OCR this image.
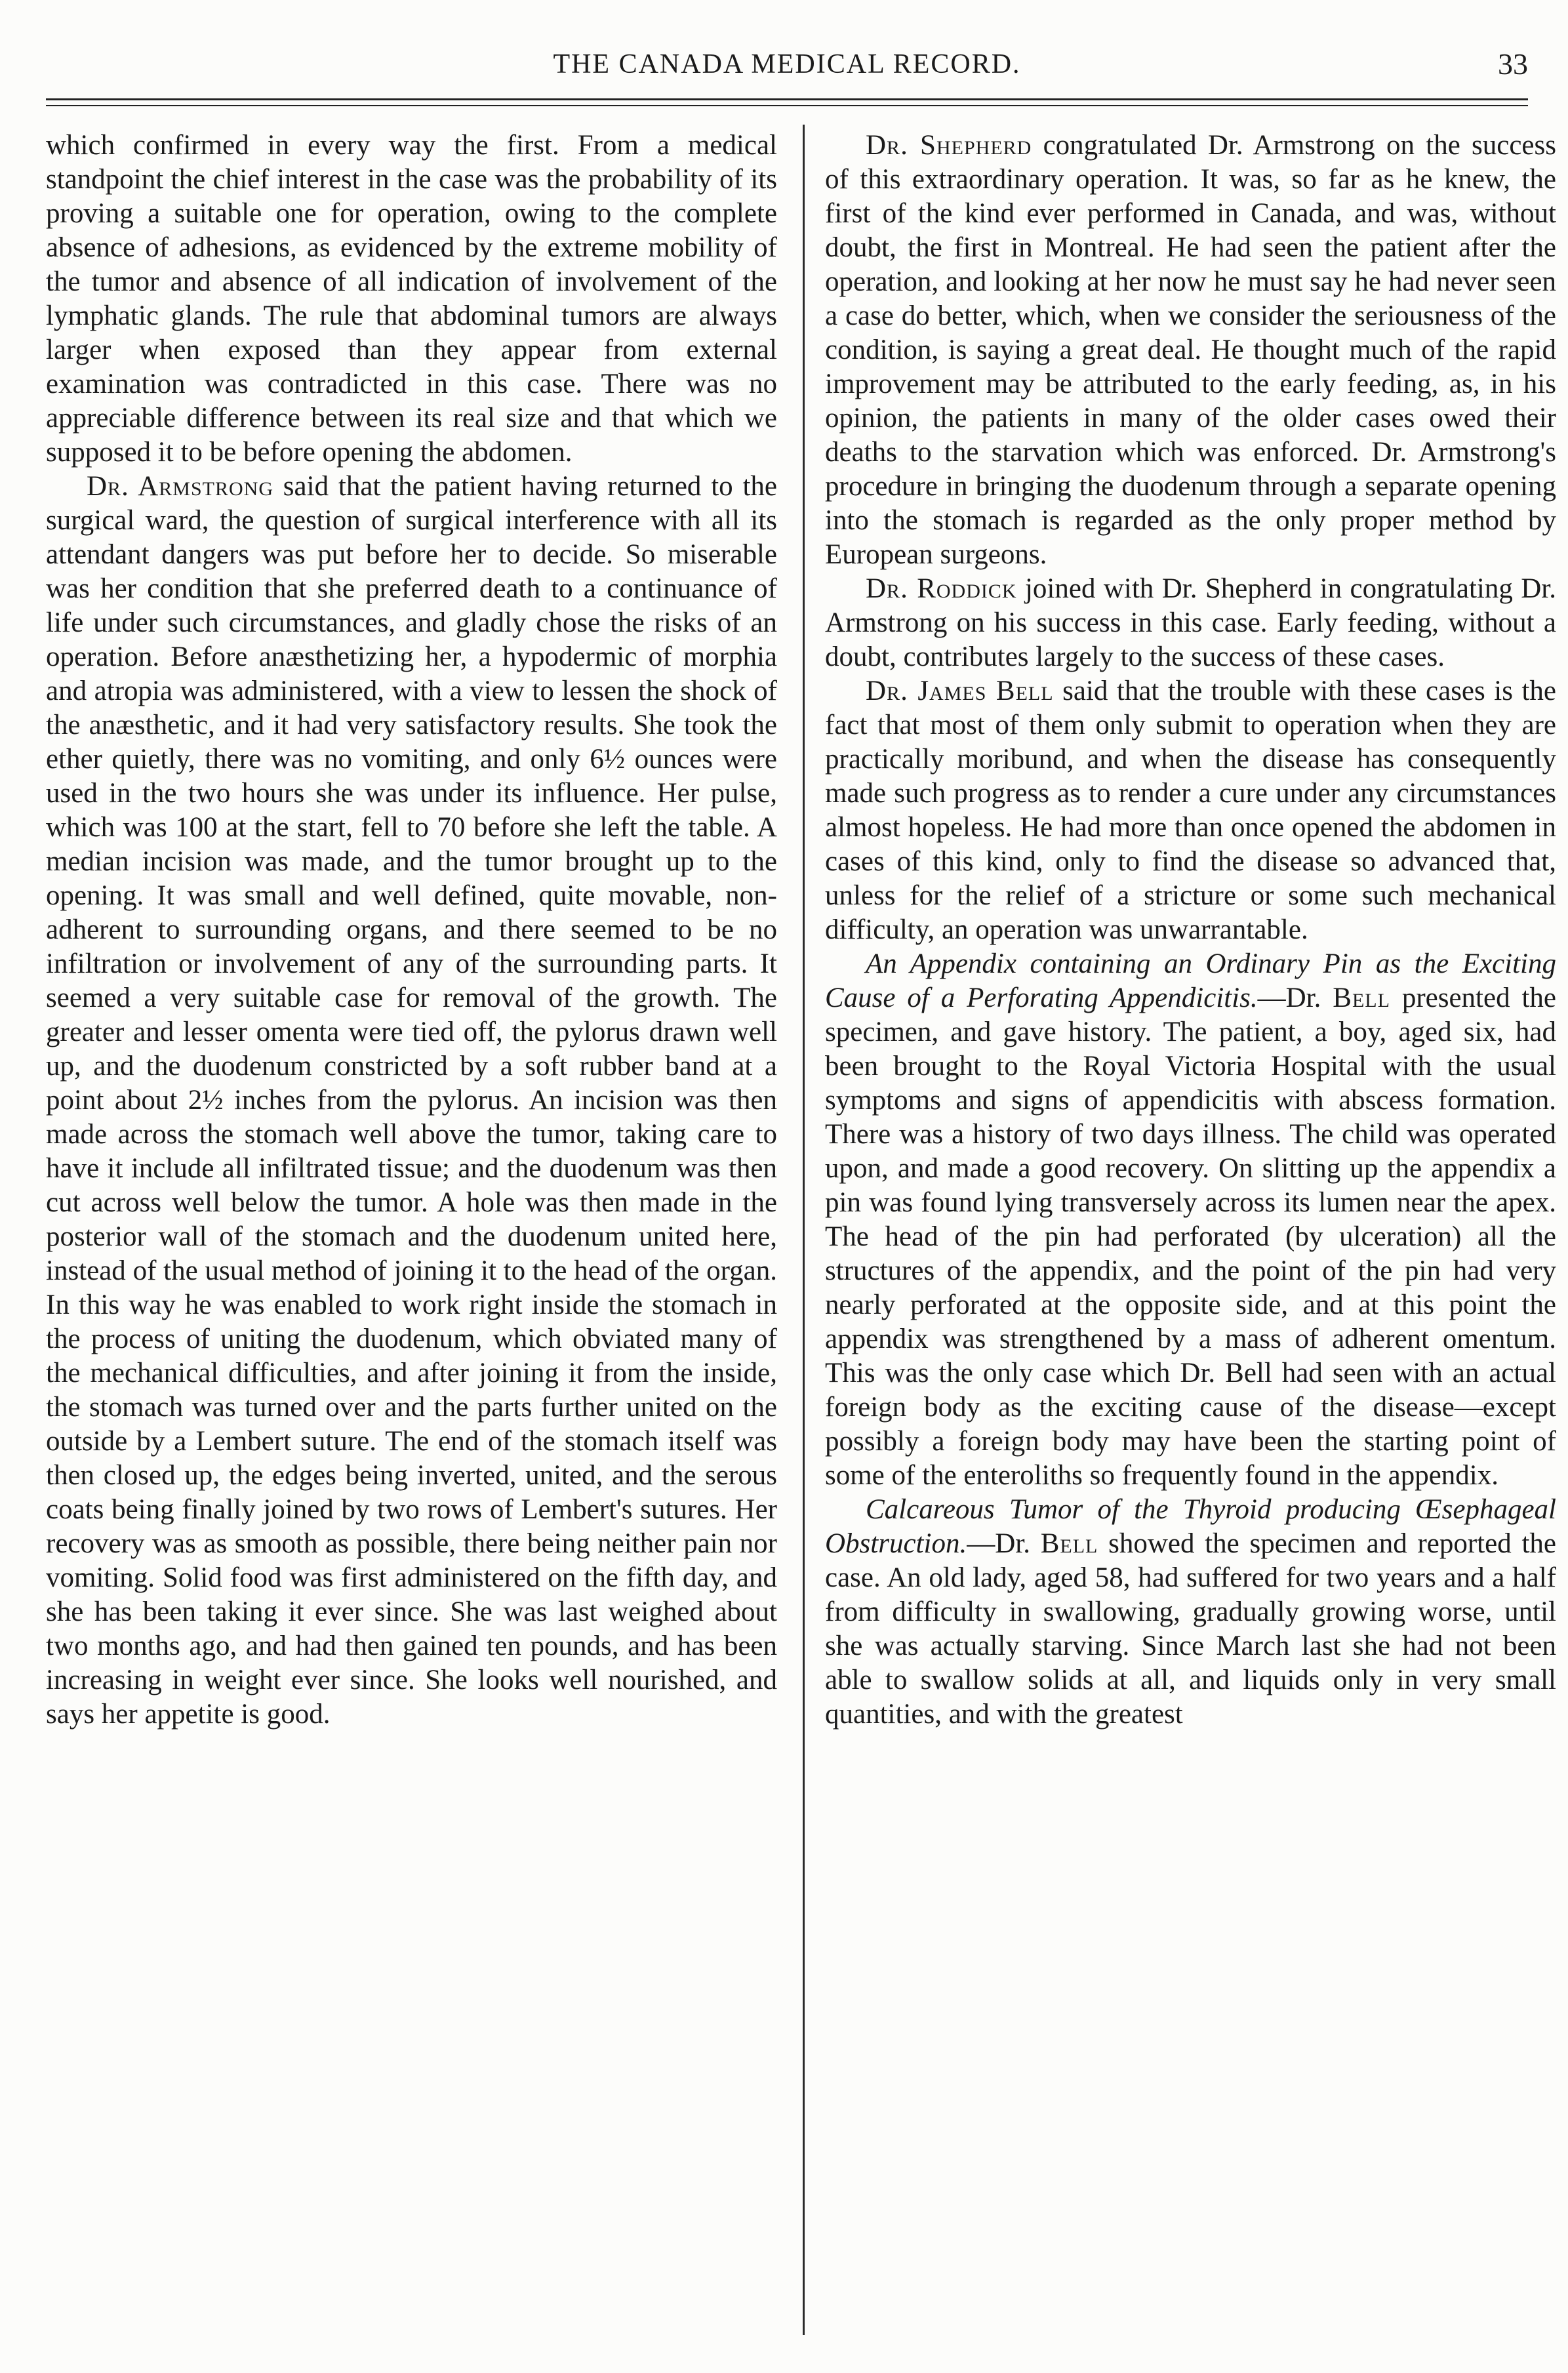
THE CANADA MEDICAL RECORD.	33

which confirmed in every way the first. From a medical standpoint the chief interest in the case was the probability of its proving a suitable one for operation, owing to the complete absence of adhesions, as evidenced by the extreme mobility of the tumor and absence of all indication of involvement of the lymphatic glands. The rule that abdominal tumors are always larger when exposed than they appear from external examination was contradicted in this case. There was no appreciable difference between its real size and that which we supposed it to be before opening the abdomen.

Dr. Armstrong said that the patient having returned to the surgical ward, the question of surgical interference with all its attendant dangers was put before her to decide. So miserable was her condition that she preferred death to a continuance of life under such circumstances, and gladly chose the risks of an operation. Before anæsthetizing her, a hypodermic of morphia and atropia was administered, with a view to lessen the shock of the anæsthetic, and it had very satisfactory results. She took the ether quietly, there was no vomiting, and only 6½ ounces were used in the two hours she was under its influence. Her pulse, which was 100 at the start, fell to 70 before she left the table. A median incision was made, and the tumor brought up to the opening. It was small and well defined, quite movable, non-adherent to surrounding organs, and there seemed to be no infiltration or involvement of any of the surrounding parts. It seemed a very suitable case for removal of the growth. The greater and lesser omenta were tied off, the pylorus drawn well up, and the duodenum constricted by a soft rubber band at a point about 2½ inches from the pylorus. An incision was then made across the stomach well above the tumor, taking care to have it include all infiltrated tissue; and the duodenum was then cut across well below the tumor. A hole was then made in the posterior wall of the stomach and the duodenum united here, instead of the usual method of joining it to the head of the organ. In this way he was enabled to work right inside the stomach in the process of uniting the duodenum, which obviated many of the mechanical difficulties, and after joining it from the inside, the stomach was turned over and the parts further united on the outside by a Lembert suture. The end of the stomach itself was then closed up, the edges being inverted, united, and the serous coats being finally joined by two rows of Lembert's sutures. Her recovery was as smooth as possible, there being neither pain nor vomiting. Solid food was first administered on the fifth day, and she has been taking it ever since. She was last weighed about two months ago, and had then gained ten pounds, and has been increasing in weight ever since. She looks well nourished, and says her appetite is good.

Dr. Shepherd congratulated Dr. Armstrong on the success of this extraordinary operation. It was, so far as he knew, the first of the kind ever performed in Canada, and was, without doubt, the first in Montreal. He had seen the patient after the operation, and looking at her now he must say he had never seen a case do better, which, when we consider the seriousness of the condition, is saying a great deal. He thought much of the rapid improvement may be attributed to the early feeding, as, in his opinion, the patients in many of the older cases owed their deaths to the starvation which was enforced. Dr. Armstrong's procedure in bringing the duodenum through a separate opening into the stomach is regarded as the only proper method by European surgeons.

Dr. Roddick joined with Dr. Shepherd in congratulating Dr. Armstrong on his success in this case. Early feeding, without a doubt, contributes largely to the success of these cases.

Dr. James Bell said that the trouble with these cases is the fact that most of them only submit to operation when they are practically moribund, and when the disease has consequently made such progress as to render a cure under any circumstances almost hopeless. He had more than once opened the abdomen in cases of this kind, only to find the disease so advanced that, unless for the relief of a stricture or some such mechanical difficulty, an operation was unwarrantable.

An Appendix containing an Ordinary Pin as the Exciting Cause of a Perforating Appendicitis.—Dr. Bell presented the specimen, and gave history. The patient, a boy, aged six, had been brought to the Royal Victoria Hospital with the usual symptoms and signs of appendicitis with abscess formation. There was a history of two days illness. The child was operated upon, and made a good recovery. On slitting up the appendix a pin was found lying transversely across its lumen near the apex. The head of the pin had perforated (by ulceration) all the structures of the appendix, and the point of the pin had very nearly perforated at the opposite side, and at this point the appendix was strengthened by a mass of adherent omentum. This was the only case which Dr. Bell had seen with an actual foreign body as the exciting cause of the disease—except possibly a foreign body may have been the starting point of some of the enteroliths so frequently found in the appendix.

Calcareous Tumor of the Thyroid producing Œsephageal Obstruction.—Dr. Bell showed the specimen and reported the case. An old lady, aged 58, had suffered for two years and a half from difficulty in swallowing, gradually growing worse, until she was actually starving. Since March last she had not been able to swallow solids at all, and liquids only in very small quantities, and with the greatest
